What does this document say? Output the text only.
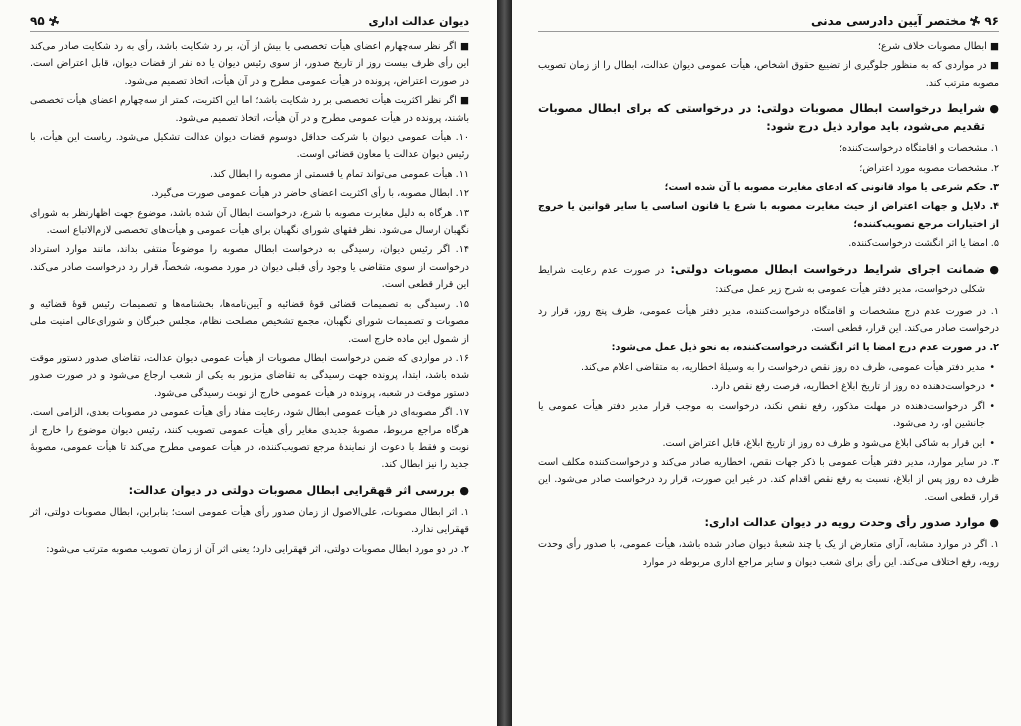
دیوان عدالت اداری
۹۵

■ اگر نظر سه‌چهارم اعضای هیأت تخصصی یا بیش از آن، بر رد شکایت باشد، رأی به رد شکایت صادر می‌کند این رأی ظرف بیست روز از تاریخ صدور، از سوی رئیس دیوان یا ده نفر از قضات دیوان، قابل اعتراض است. در صورت اعتراض، پرونده در هیأت عمومی مطرح و در آن هیأت، اتخاذ تصمیم می‌شود.

■ اگر نظر اکثریت هیأت تخصصی بر رد شکایت باشد؛ اما این اکثریت، کمتر از سه‌چهارم اعضای هیأت تخصصی باشند، پرونده در هیأت عمومی مطرح و در آن هیأت، اتخاذ تصمیم می‌شود.

۱۰. هیأت عمومی دیوان با شرکت حداقل دوسوم قضات دیوان عدالت تشکیل می‌شود. ریاست این هیأت، با رئیس دیوان عدالت یا معاون قضائی اوست.

۱۱. هیأت عمومی می‌تواند تمام یا قسمتی از مصوبه را ابطال کند.

۱۲. ابطال مصوبه، با رأی اکثریت اعضای حاضر در هیأت عمومی صورت می‌گیرد.

۱۳. هرگاه به دلیل مغایرت مصوبه با شرع، درخواست ابطال آن شده باشد، موضوع جهت اظهارنظر به شورای نگهبان ارسال می‌شود. نظر فقهای شورای نگهبان برای هیأت عمومی و هیأت‌های تخصصی لازم‌الاتباع است.

۱۴. اگر رئیس دیوان، رسیدگی به درخواست ابطال مصوبه را موضوعاً منتفی بداند، مانند موارد استرداد درخواست از سوی متقاضی یا وجود رأی قبلی دیوان در مورد مصوبه، شخصاً، قرار رد درخواست صادر می‌کند. این قرار قطعی است.

۱۵. رسیدگی به تصمیمات قضائی قوهٔ قضائیه و آیین‌نامه‌ها، بخشنامه‌ها و تصمیمات رئیس قوهٔ قضائیه و مصوبات و تصمیمات شورای نگهبان، مجمع تشخیص مصلحت نظام، مجلس خبرگان و شورای‌عالی امنیت ملی از شمول این ماده خارج است.

۱۶. در مواردی که ضمن درخواست ابطال مصوبات از هیأت عمومی دیوان عدالت، تقاضای صدور دستور موقت شده باشد، ابتدا، پرونده جهت رسیدگی به تقاضای مزبور به یکی از شعب ارجاع می‌شود و در صورت صدور دستور موقت در شعبه، پرونده در هیأت عمومی خارج از نوبت رسیدگی می‌شود.

۱۷. اگر مصوبه‌ای در هیأت عمومی ابطال شود، رعایت مفاد رأی هیأت عمومی در مصوبات بعدی، الزامی است. هرگاه مراجع مربوط، مصوبهٔ جدیدی مغایر رأی هیأت عمومی تصویب کنند، رئیس دیوان موضوع را خارج از نوبت و فقط با دعوت از نمایندهٔ مرجع تصویب‌کننده، در هیأت عمومی مطرح می‌کند تا هیأت عمومی، مصوبهٔ جدید را نیز ابطال کند.

● بررسی اثر قهقرایی ابطال مصوبات دولتی در دیوان عدالت:

۱. اثر ابطال مصوبات، علی‌الاصول از زمان صدور رأی هیأت عمومی است؛ بنابراین، ابطال مصوبات دولتی، اثر قهقرایی ندارد.

۲. در دو مورد ابطال مصوبات دولتی، اثر قهقرایی دارد؛ یعنی اثر آن از زمان تصویب مصوبه مترتب می‌شود:

۹۶
مختصر آیین دادرسی مدنی

■ ابطال مصوبات خلاف شرع؛

■ در مواردی که به منظور جلوگیری از تضییع حقوق اشخاص، هیأت عمومی دیوان عدالت، ابطال را از زمان تصویب مصوبه مترتب کند.

● شرایط درخواست ابطال مصوبات دولتی: در درخواستی که برای ابطال مصوبات تقدیم می‌شود، باید موارد ذیل درج شود:

۱. مشخصات و اقامتگاه درخواست‌کننده؛

۲. مشخصات مصوبه مورد اعتراض؛

۳. حکم شرعی یا مواد قانونی که ادعای مغایرت مصوبه با آن شده است؛

۴. دلایل و جهات اعتراض از حیث مغایرت مصوبه با شرع یا قانون اساسی یا سایر قوانین یا خروج از اختیارات مرجع تصویب‌کننده؛

۵. امضا یا اثر انگشت درخواست‌کننده.

● ضمانت اجرای شرایط درخواست ابطال مصوبات دولتی: در صورت عدم رعایت شرایط شکلی درخواست، مدیر دفتر هیأت عمومی به شرح زیر عمل می‌کند:

۱. در صورت عدم درج مشخصات و اقامتگاه درخواست‌کننده، مدیر دفتر هیأت عمومی، ظرف پنج روز، قرار رد درخواست صادر می‌کند. این قرار، قطعی است.

۲. در صورت عدم درج امضا یا اثر انگشت درخواست‌کننده، به نحو ذیل عمل می‌شود:

• مدیر دفتر هیأت عمومی، ظرف ده روز نقص درخواست را به وسیلهٔ اخطاریه، به متقاضی اعلام می‌کند.

• درخواست‌دهنده ده روز از تاریخ ابلاغ اخطاریه، فرصت رفع نقص دارد.

• اگر درخواست‌دهنده در مهلت مذکور، رفع نقص نکند، درخواست به موجب قرار مدیر دفتر هیأت عمومی یا جانشین او، رد می‌شود.

• این قرار به شاکی ابلاغ می‌شود و ظرف ده روز از تاریخ ابلاغ، قابل اعتراض است.

۳. در سایر موارد، مدیر دفتر هیأت عمومی با ذکر جهات نقص، اخطاریه صادر می‌کند و درخواست‌کننده مکلف است ظرف ده روز پس از ابلاغ، نسبت به رفع نقص اقدام کند. در غیر این صورت، قرار رد درخواست صادر می‌شود. این قرار، قطعی است.

● موارد صدور رأی وحدت رویه در دیوان عدالت اداری:

۱. اگر در موارد مشابه، آرای متعارض از یک یا چند شعبهٔ دیوان صادر شده باشد، هیأت عمومی، با صدور رأی وحدت رویه، رفع اختلاف می‌کند. این رأی برای شعب دیوان و سایر مراجع اداری مربوطه در موارد
